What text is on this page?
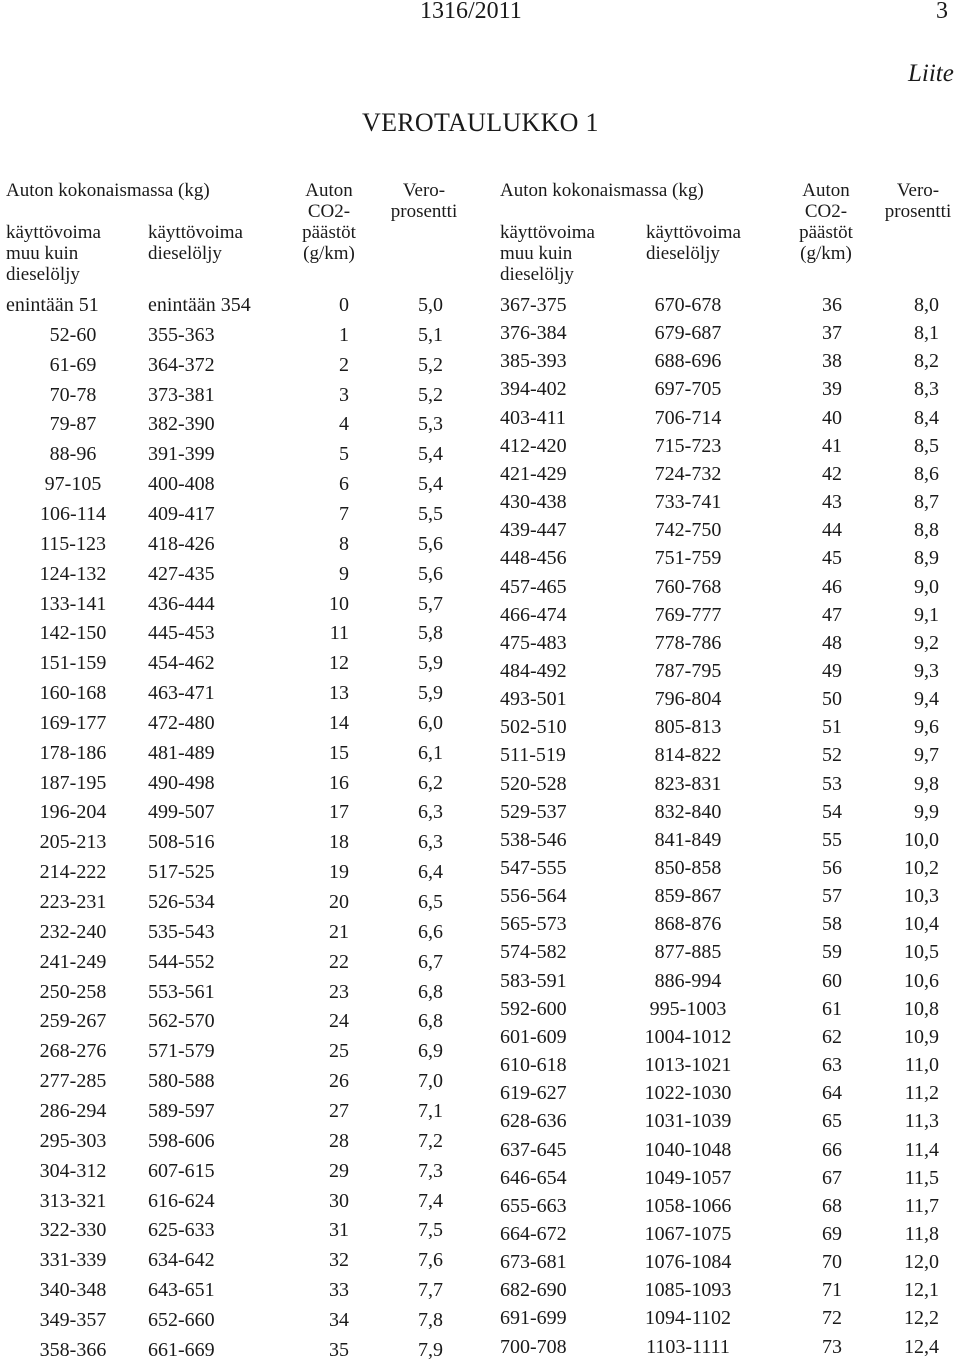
1316/2011	3
Liite
VEROTAULUKKO 1
Auton kokonaismassa (kg)
käyttövoima
muu kuin
dieselöljy
käyttövoima
dieselöljy
Auton
CO2-
päästöt
(g/km)
Vero-
prosentti
Auton kokonaismassa (kg)
käyttövoima
muu kuin
dieselöljy
käyttövoima
dieselöljy
Auton
CO2-
päästöt
(g/km)
Vero-
prosentti
enintään 51 enintään 354	0	5,0
52-60	355-363	1	5,1
61-69	364-372	2	5,2
70-78	373-381	3	5,2
79-87	382-390	4	5,3
88-96	391-399	5	5,4
97-105	400-408	6	5,4
106-114	409-417	7	5,5
115-123	418-426	8	5,6
124-132	427-435	9	5,6
133-141	436-444	10	5,7
142-150	445-453	11	5,8
151-159	454-462	12	5,9
160-168	463-471	13	5,9
169-177	472-480	14	6,0
178-186	481-489	15	6,1
187-195	490-498	16	6,2
196-204	499-507	17	6,3
205-213	508-516	18	6,3
214-222	517-525	19	6,4
223-231	526-534	20	6,5
232-240	535-543	21	6,6
241-249	544-552	22	6,7
250-258	553-561	23	6,8
259-267	562-570	24	6,8
268-276	571-579	25	6,9
277-285	580-588	26	7,0
286-294	589-597	27	7,1
295-303	598-606	28	7,2
304-312	607-615	29	7,3
313-321	616-624	30	7,4
322-330	625-633	31	7,5
331-339	634-642	32	7,6
340-348	643-651	33	7,7
349-357	652-660	34	7,8
358-366	661-669	35	7,9
367-375	670-678	36	8,0
376-384	679-687	37	8,1
385-393	688-696	38	8,2
394-402	697-705	39	8,3
403-411	706-714	40	8,4
412-420	715-723	41	8,5
421-429	724-732	42	8,6
430-438	733-741	43	8,7
439-447	742-750	44	8,8
448-456	751-759	45	8,9
457-465	760-768	46	9,0
466-474	769-777	47	9,1
475-483	778-786	48	9,2
484-492	787-795	49	9,3
493-501	796-804	50	9,4
502-510	805-813	51	9,6
511-519	814-822	52	9,7
520-528	823-831	53	9,8
529-537	832-840	54	9,9
538-546	841-849	55	10,0
547-555	850-858	56	10,2
556-564	859-867	57	10,3
565-573	868-876	58	10,4
574-582	877-885	59	10,5
583-591	886-994	60	10,6
592-600	995-1003	61	10,8
601-609	1004-1012	62	10,9
610-618	1013-1021	63	11,0
619-627	1022-1030	64	11,2
628-636	1031-1039	65	11,3
637-645	1040-1048	66	11,4
646-654	1049-1057	67	11,5
655-663	1058-1066	68	11,7
664-672	1067-1075	69	11,8
673-681	1076-1084	70	12,0
682-690	1085-1093	71	12,1
691-699	1094-1102	72	12,2
700-708	1103-1111	73	12,4
